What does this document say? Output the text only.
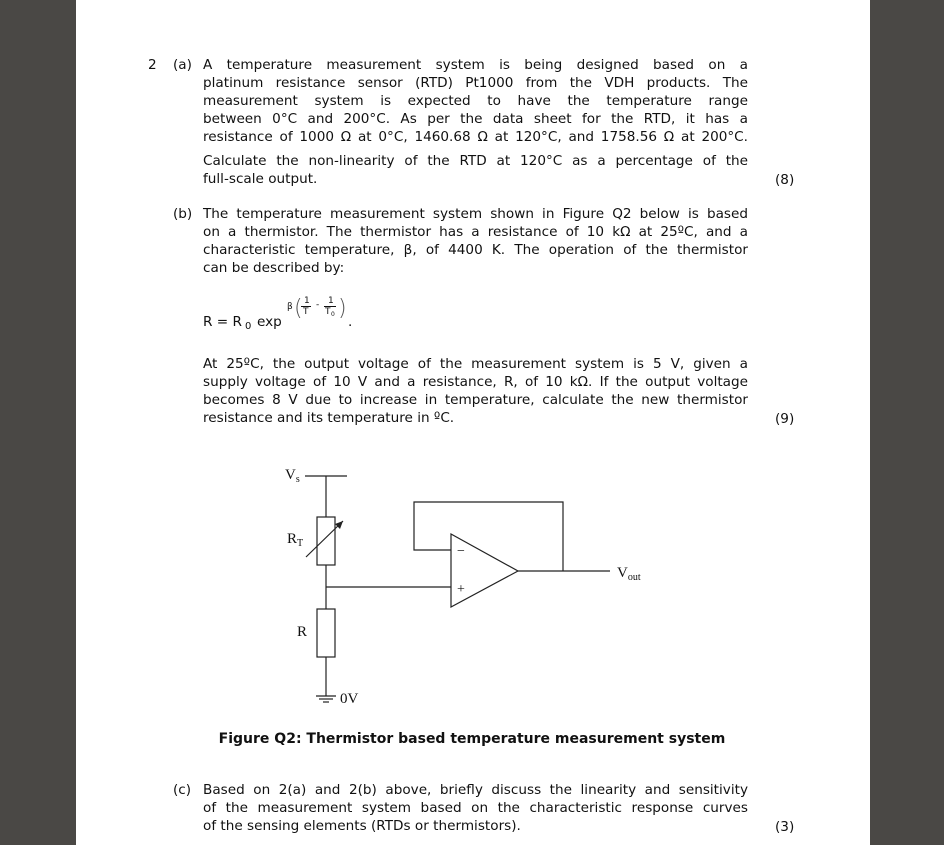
2 (a) A temperature measurement system is being designed based on a
platinum resistance sensor (RTD) Pt1000 from the VDH products. The
measurement system is expected to have the temperature range
between 0°C and 200°C. As per the data sheet for the RTD, it has a
resistance of 1000 Ω at 0°C, 1460.68 Ω at 120°C, and 1758.56 Ω at 200°C.
Calculate the non-linearity of the RTD at 120°C as a percentage of the
full-scale output.	(8)
(b) The temperature measurement system shown in Figure Q2 below is based
on a thermistor. The thermistor has a resistance of 10 kΩ at 25ºC, and a
characteristic temperature, β, of 4400 K. The operation of the thermistor
can be described by:
R = R 0 exp
β ( 1
T
- 1
T 0 )
.
At 25ºC, the output voltage of the measurement system is 5 V, given a
supply voltage of 10 V and a resistance, R, of 10 kΩ. If the output voltage
becomes 8 V due to increase in temperature, calculate the new thermistor
resistance and its temperature in ºC.	(9)
$V_s$
$R_T$
R
$V_{out}$
0V
−
+
Figure Q2: Thermistor based temperature measurement system
(c) Based on 2(a) and 2(b) above, briefly discuss the linearity and sensitivity
of the measurement system based on the characteristic response curves
of the sensing elements (RTDs or thermistors).	(3)
